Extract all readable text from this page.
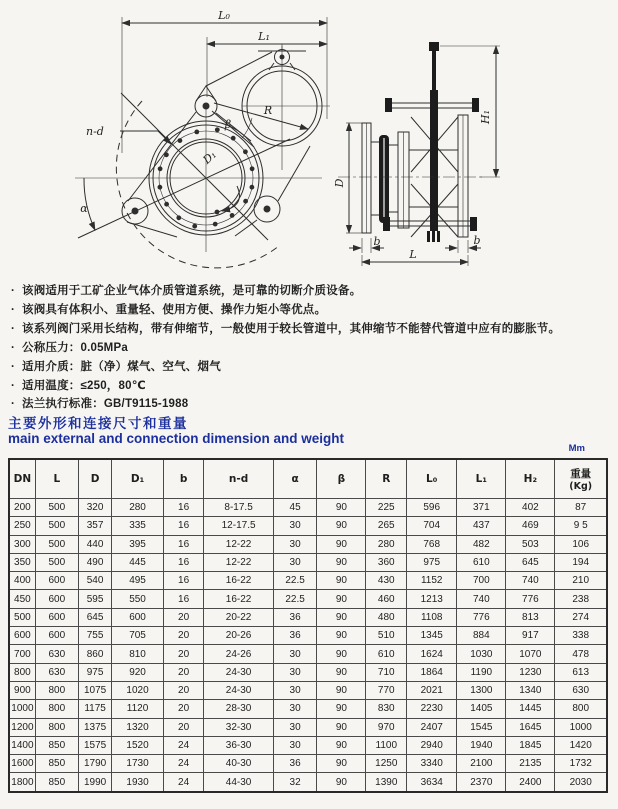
L₀
L₁
R
β
D₁
n-d
α
D
H₁
b	b
L
· 该阀适用于工矿企业气体介质管道系统，是可靠的切断介质设备。
· 该阀具有体积小、重量轻、使用方便、操作力矩小等优点。
· 该系列阀门采用长结构，带有伸缩节，一般使用于较长管道中，其伸缩节不能替代管道中应有的膨胀节。
· 公称压力：0.05MPa
· 适用介质：脏（净）煤气、空气、烟气
· 适用温度：≤250，80℃
· 法兰执行标准：GB/T9115-1988
主要外形和连接尺寸和重量
main external and connection dimension and weight
Mm
DN	L	D	D₁	b	n-d	α	β	R	L₀	L₁	H₂	重量
(Kg)

200	500	320	280	16	8-17.5	45	90	225	596	371	402	87
250	500	357	335	16	12-17.5	30	90	265	704	437	469	9 5
300	500	440	395	16	12-22	30	90	280	768	482	503	106
350	500	490	445	16	12-22	30	90	360	975	610	645	194
400	600	540	495	16	16-22	22.5	90	430	1152	700	740	210
450	600	595	550	16	16-22	22.5	90	460	1213	740	776	238
500	600	645	600	20	20-22	36	90	480	1108	776	813	274
600	600	755	705	20	20-26	36	90	510	1345	884	917	338
700	630	860	810	20	24-26	30	90	610	1624	1030	1070	478
800	630	975	920	20	24-30	30	90	710	1864	1190	1230	613
900	800	1075	1020	20	24-30	30	90	770	2021	1300	1340	630
1000	800	1175	1120	20	28-30	30	90	830	2230	1405	1445	800
1200	800	1375	1320	20	32-30	30	90	970	2407	1545	1645	1000
1400	850	1575	1520	24	36-30	30	90	1100	2940	1940	1845	1420
1600	850	1790	1730	24	40-30	36	90	1250	3340	2100	2135	1732
1800	850	1990	1930	24	44-30	32	90	1390	3634	2370	2400	2030
